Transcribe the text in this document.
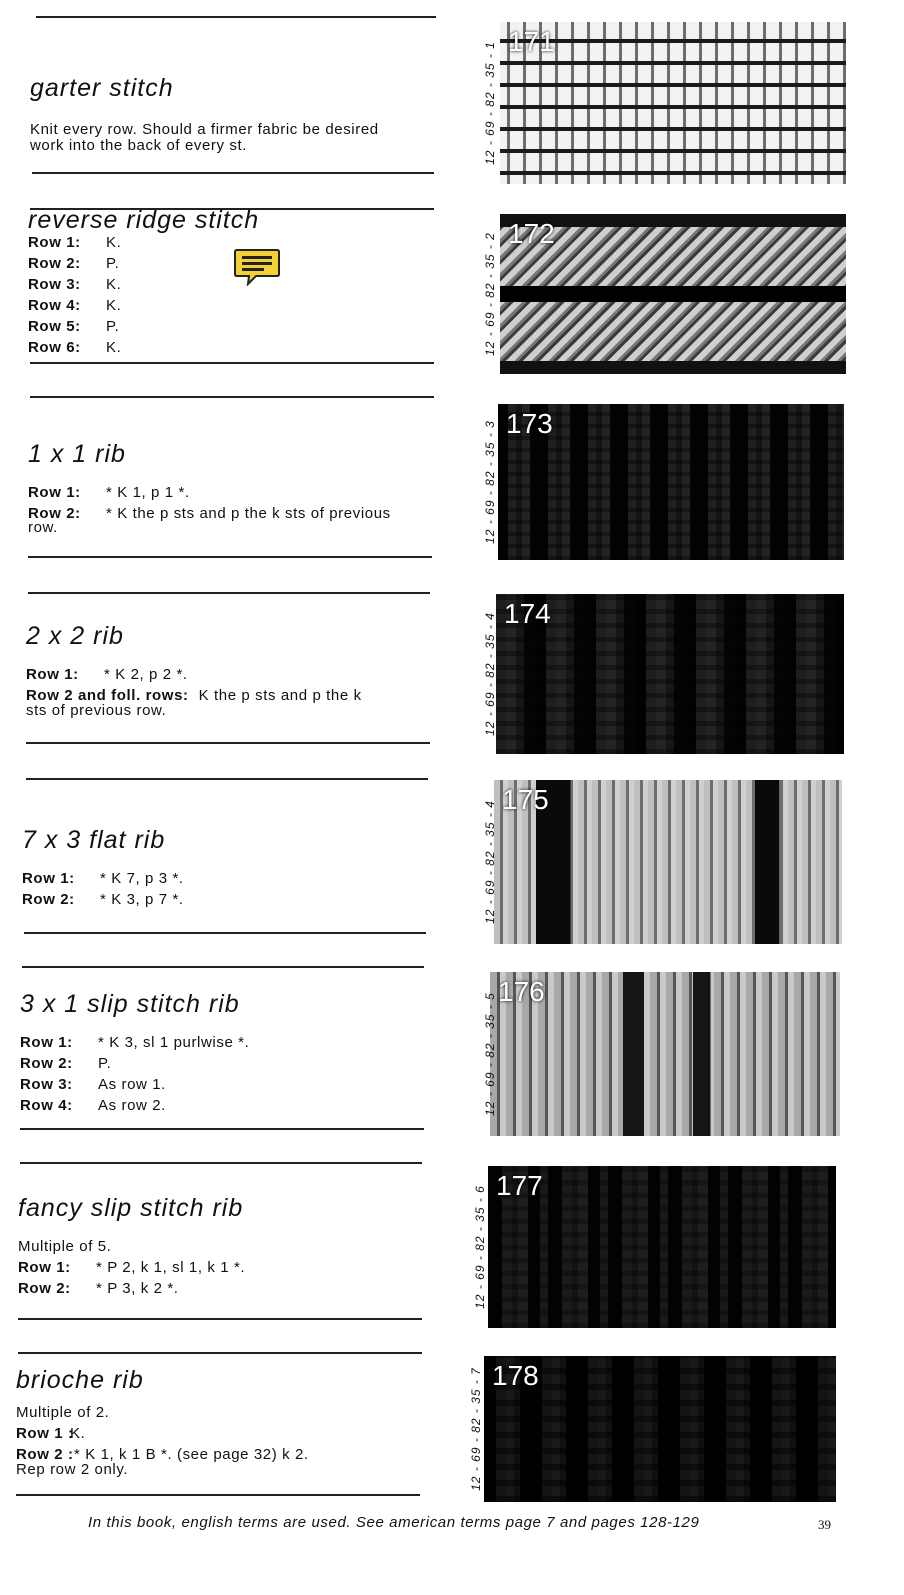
garter stitch
Knit every row. Should a firmer fabric be desired
work into the back of every st.
reverse ridge stitch
Row 1: K.
Row 2: P.
Row 3: K.
Row 4: K.
Row 5: P.
Row 6: K.
1 x 1 rib
Row 1: * K 1, p 1 *.
Row 2: * K the p sts and p the k sts of previous
row.
2 x 2 rib
Row 1: * K 2, p 2 *.
Row 2 and foll. rows: K the p sts and p the k
sts of previous row.
7 x 3 flat rib
Row 1: * K 7, p 3 *.
Row 2: * K 3, p 7 *.
3 x 1 slip stitch rib
Row 1: * K 3, sl 1 purlwise *.
Row 2: P.
Row 3: As row 1.
Row 4: As row 2.
fancy slip stitch rib
Multiple of 5.
Row 1: * P 2, k 1, sl 1, k 1 *.
Row 2: * P 3, k 2 *.
brioche rib
Multiple of 2.
Row 1 :K.
Row 2 :* K 1, k 1 B *. (see page 32) k 2.
Rep row 2 only.
171
12 - 69 - 82 - 35 - 1
172
12 - 69 - 82 - 35 - 2
173
12 - 69 - 82 - 35 - 3
174
12 - 69 - 82 - 35 - 4
175
12 - 69 - 82 - 35 - 4
176
12 - 69 - 82 - 35 - 5
177
12 - 69 - 82 - 35 - 6
178
12 - 69 - 82 - 35 - 7
In this book, english terms are used. See american terms page 7 and pages 128-129	39
